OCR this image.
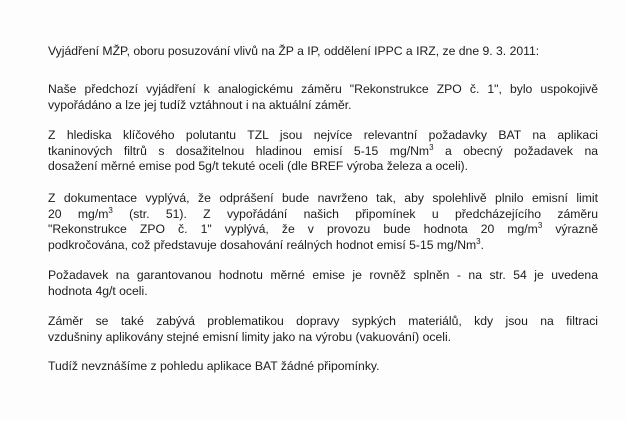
Vyjádření MŽP, oboru posuzování vlivů na ŽP a IP, oddělení IPPC a IRZ, ze dne 9. 3. 2011:

Naše předchozí vyjádření k analogickému záměru "Rekonstrukce ZPO č. 1", bylo uspokojivě
vypořádáno a lze jej tudíž vztáhnout i na aktuální záměr.

Z hlediska klíčového polutantu TZL jsou nejvíce relevantní požadavky BAT na aplikaci
tkaninových filtrů s dosažitelnou hladinou emisí 5-15 mg/Nm$^3$ a obecný požadavek na
dosažení měrné emise pod 5g/t tekuté oceli (dle BREF výroba železa a oceli).

Z dokumentace vyplývá, že odprášení bude navrženo tak, aby spolehlivě plnilo emisní limit
20 $mg/m^3$ (str. 51). Z vypořádání našich připomínek u předcházejícího záměru
"Rekonstrukce ZPO č. 1" vyplývá, že v provozu bude hodnota 20 $mg/m^3$ výrazně
podkročována, což představuje dosahování reálných hodnot emisí 5-15 mg/Nm$^3$.

Požadavek na garantovanou hodnotu měrné emise je rovněž splněn - na str. 54 je uvedena
hodnota 4g/t oceli.

Záměr se také zabývá problematikou dopravy sypkých materiálů, kdy jsou na filtraci
vzdušniny aplikovány stejné emisní limity jako na výrobu (vakuování) oceli.

Tudíž nevznášíme z pohledu aplikace BAT žádné připomínky.
